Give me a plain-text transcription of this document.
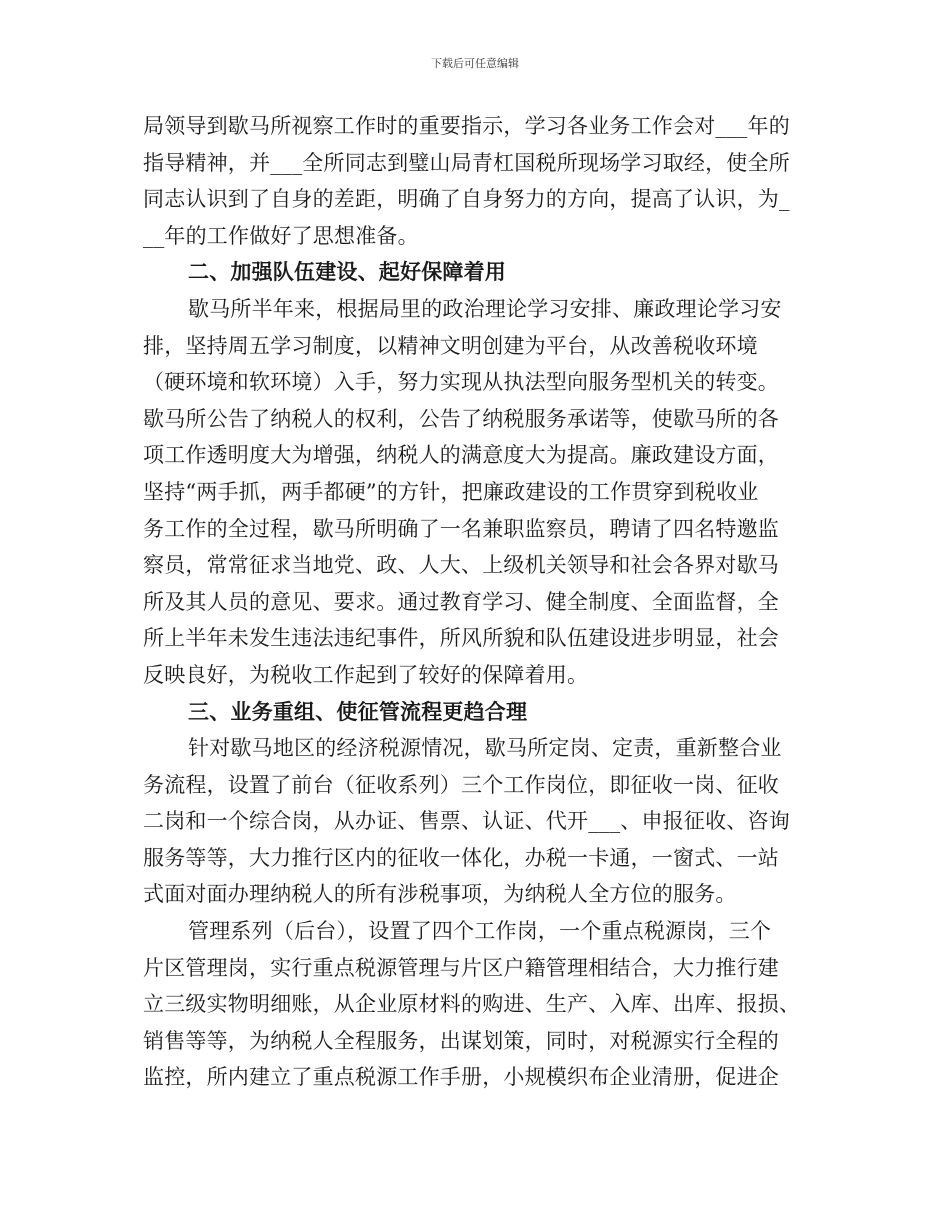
下载后可任意编辑
局领导到歇马所视察工作时的重要指示，学习各业务工作会对___年的
指导精神，并___全所同志到璧山局青杠国税所现场学习取经，使全所
同志认识到了自身的差距，明确了自身努力的方向，提高了认识，为_
__年的工作做好了思想准备。
二、加强队伍建设、起好保障着用
歇马所半年来，根据局里的政治理论学习安排、廉政理论学习安
排，坚持周五学习制度，以精神文明创建为平台，从改善税收环境
（硬环境和软环境）入手，努力实现从执法型向服务型机关的转变。
歇马所公告了纳税人的权利，公告了纳税服务承诺等，使歇马所的各
项工作透明度大为增强，纳税人的满意度大为提高。廉政建设方面，
坚持“两手抓，两手都硬”的方针，把廉政建设的工作贯穿到税收业
务工作的全过程，歇马所明确了一名兼职监察员，聘请了四名特邀监
察员，常常征求当地党、政、人大、上级机关领导和社会各界对歇马
所及其人员的意见、要求。通过教育学习、健全制度、全面监督，全
所上半年未发生违法违纪事件，所风所貌和队伍建设进步明显，社会
反映良好，为税收工作起到了较好的保障着用。
三、业务重组、使征管流程更趋合理
针对歇马地区的经济税源情况，歇马所定岗、定责，重新整合业
务流程，设置了前台（征收系列）三个工作岗位，即征收一岗、征收
二岗和一个综合岗，从办证、售票、认证、代开___、申报征收、咨询
服务等等，大力推行区内的征收一体化，办税一卡通，一窗式、一站
式面对面办理纳税人的所有涉税事项，为纳税人全方位的服务。
管理系列（后台），设置了四个工作岗，一个重点税源岗，三个
片区管理岗，实行重点税源管理与片区户籍管理相结合，大力推行建
立三级实物明细账，从企业原材料的购进、生产、入库、出库、报损、
销售等等，为纳税人全程服务，出谋划策，同时，对税源实行全程的
监控，所内建立了重点税源工作手册，小规模织布企业清册，促进企
